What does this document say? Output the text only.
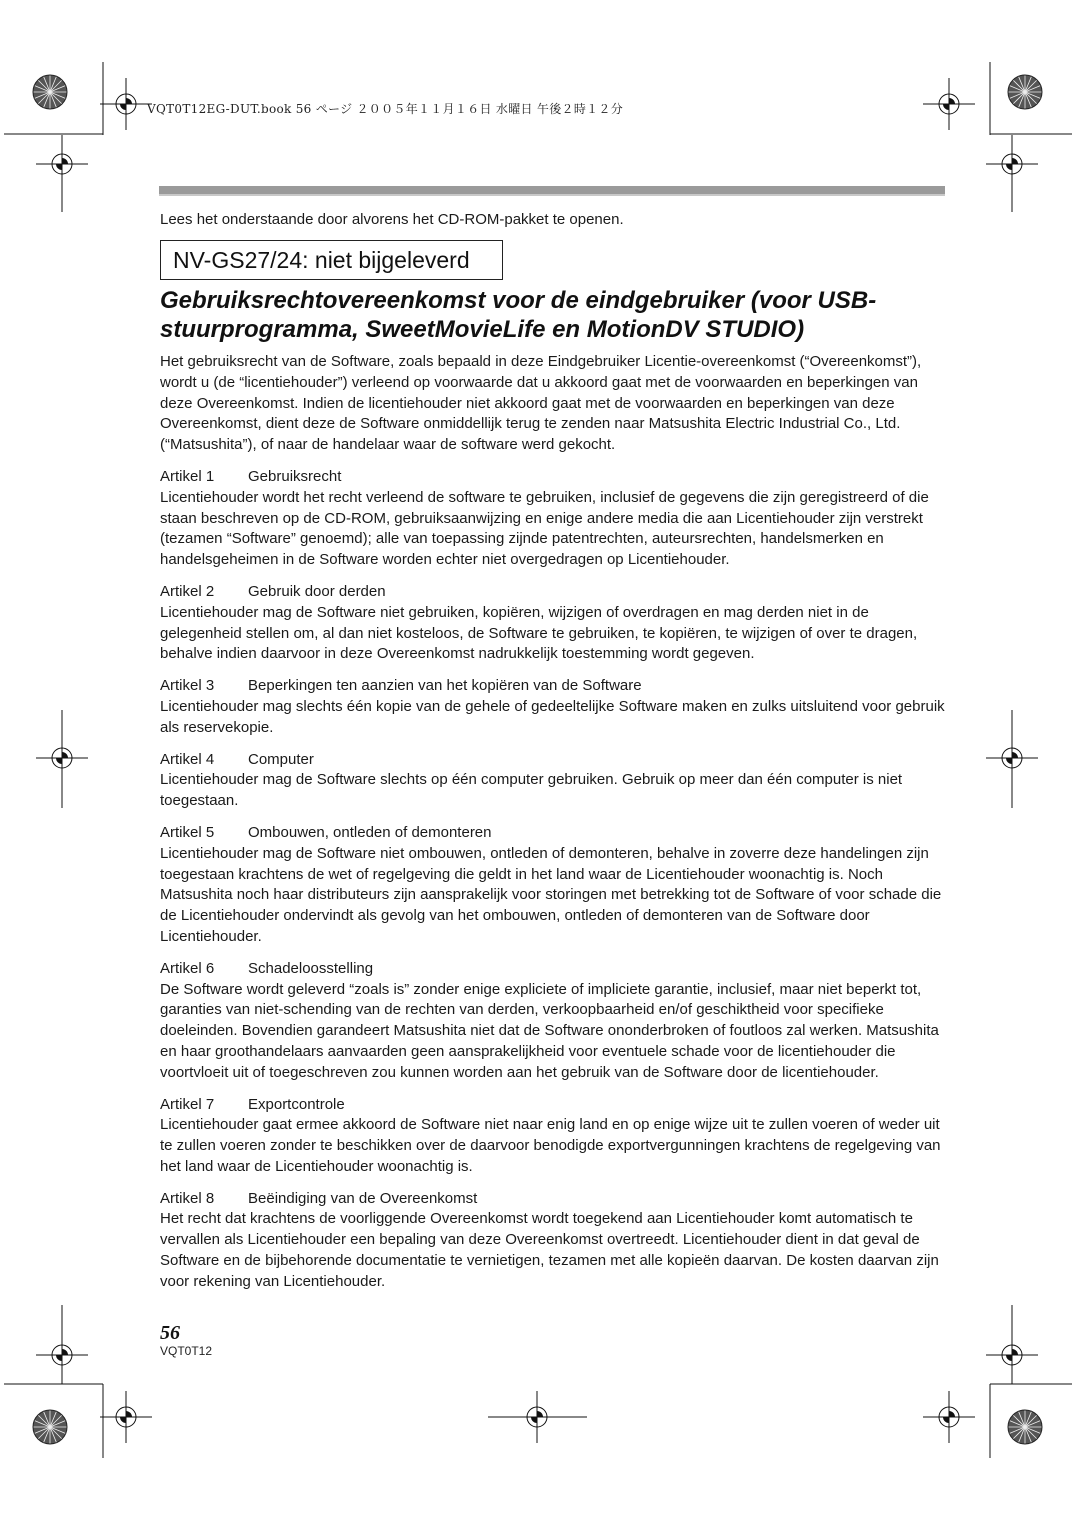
VQT0T12EG-DUT.book 56 ページ ２００５年１１月１６日 水曜日 午後２時１２分
Lees het onderstaande door alvorens het CD-ROM-pakket te openen.
NV-GS27/24: niet bijgeleverd
Gebruiksrechtovereenkomst voor de eindgebruiker (voor USB-stuurprogramma, SweetMovieLife en MotionDV STUDIO)

Het gebruiksrecht van de Software, zoals bepaald in deze Eindgebruiker Licentie-overeenkomst (“Overeenkomst”), wordt u (de “licentiehouder”) verleend op voorwaarde dat u akkoord gaat met de voorwaarden en beperkingen van deze Overeenkomst. Indien de licentiehouder niet akkoord gaat met de voorwaarden en beperkingen van deze Overeenkomst, dient deze de Software onmiddellijk terug te zenden naar Matsushita Electric Industrial Co., Ltd. (“Matsushita”), of naar de handelaar waar de software werd gekocht.

Artikel 1 Gebruiksrecht
Licentiehouder wordt het recht verleend de software te gebruiken, inclusief de gegevens die zijn geregistreerd of die staan beschreven op de CD-ROM, gebruiksaanwijzing en enige andere media die aan Licentiehouder zijn verstrekt (tezamen “Software” genoemd); alle van toepassing zijnde patentrechten, auteursrechten, handelsmerken en handelsgeheimen in de Software worden echter niet overgedragen op Licentiehouder.
Artikel 2 Gebruik door derden
Licentiehouder mag de Software niet gebruiken, kopiëren, wijzigen of overdragen en mag derden niet in de gelegenheid stellen om, al dan niet kosteloos, de Software te gebruiken, te kopiëren, te wijzigen of over te dragen, behalve indien daarvoor in deze Overeenkomst nadrukkelijk toestemming wordt gegeven.
Artikel 3 Beperkingen ten aanzien van het kopiëren van de Software
Licentiehouder mag slechts één kopie van de gehele of gedeeltelijke Software maken en zulks uitsluitend voor gebruik als reservekopie.
Artikel 4 Computer
Licentiehouder mag de Software slechts op één computer gebruiken. Gebruik op meer dan één computer is niet toegestaan.
Artikel 5 Ombouwen, ontleden of demonteren
Licentiehouder mag de Software niet ombouwen, ontleden of demonteren, behalve in zoverre deze handelingen zijn toegestaan krachtens de wet of regelgeving die geldt in het land waar de Licentiehouder woonachtig is. Noch Matsushita noch haar distributeurs zijn aansprakelijk voor storingen met betrekking tot de Software of voor schade die de Licentiehouder ondervindt als gevolg van het ombouwen, ontleden of demonteren van de Software door Licentiehouder.
Artikel 6 Schadeloosstelling
De Software wordt geleverd “zoals is” zonder enige expliciete of impliciete garantie, inclusief, maar niet beperkt tot, garanties van niet-schending van de rechten van derden, verkoopbaarheid en/of geschiktheid voor specifieke doeleinden. Bovendien garandeert Matsushita niet dat de Software ononderbroken of foutloos zal werken. Matsushita en haar groothandelaars aanvaarden geen aansprakelijkheid voor eventuele schade voor de licentiehouder die voortvloeit uit of toegeschreven zou kunnen worden aan het gebruik van de Software door de licentiehouder.
Artikel 7 Exportcontrole
Licentiehouder gaat ermee akkoord de Software niet naar enig land en op enige wijze uit te zullen voeren of weder uit te zullen voeren zonder te beschikken over de daarvoor benodigde exportvergunningen krachtens de regelgeving van het land waar de Licentiehouder woonachtig is.
Artikel 8 Beëindiging van de Overeenkomst
Het recht dat krachtens de voorliggende Overeenkomst wordt toegekend aan Licentiehouder komt automatisch te vervallen als Licentiehouder een bepaling van deze Overeenkomst overtreedt. Licentiehouder dient in dat geval de Software en de bijbehorende documentatie te vernietigen, tezamen met alle kopieën daarvan. De kosten daarvan zijn voor rekening van Licentiehouder.
56
VQT0T12
